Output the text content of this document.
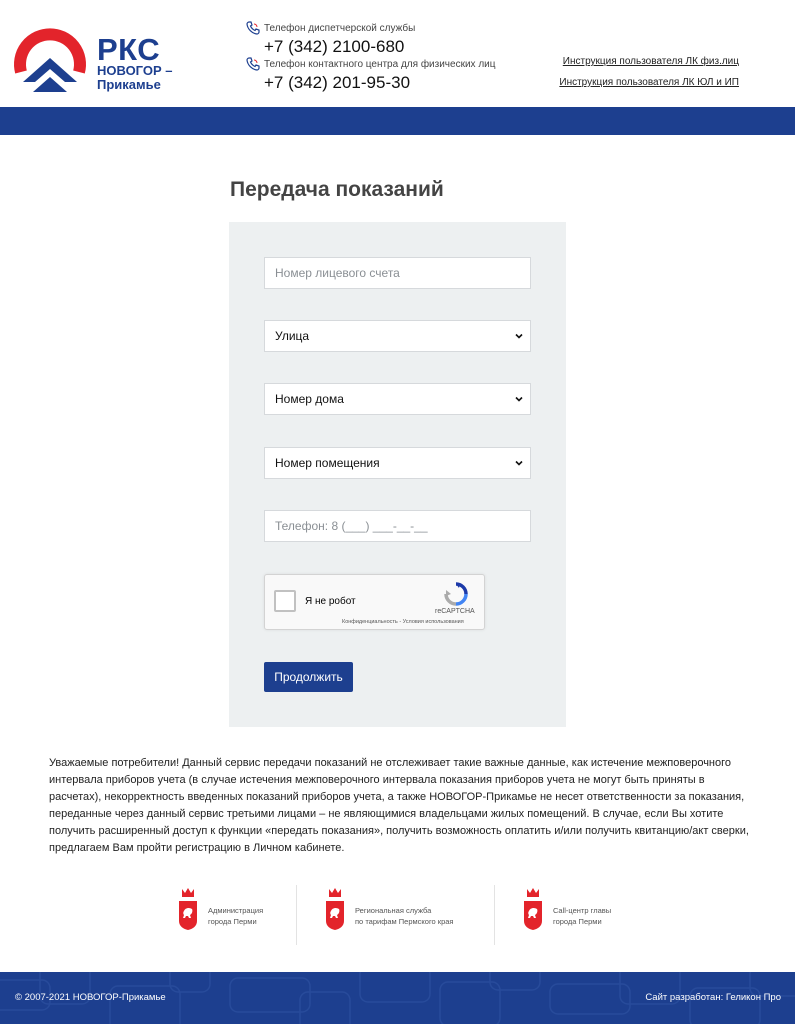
РКС
НОВОГОР –
Прикамье
Телефон диспетчерской службы
+7 (342) 2100-680
Телефон контактного центра для физических лиц
+7 (342) 201-95-30
Инструкция пользователя ЛК физ.лиц
Инструкция пользователя ЛК ЮЛ и ИП
Передача показаний
Номер лицевого счета
Улица
Номер дома
Номер помещения
Телефон: 8 (___) ___-__-__
Я не робот
reCAPTCHA
Конфиденциальность - Условия использования
Продолжить

Уважаемые потребители! Данный сервис передачи показаний не отслеживает такие важные данные, как истечение межповерочного интервала приборов учета (в случае истечения межповерочного интервала показания приборов учета не могут быть приняты в расчетах), некорректность введенных показаний приборов учета, а также НОВОГОР-Прикамье не несет ответственности за показания, переданные через данный сервис третьими лицами – не являющимися владельцами жилых помещений. В случае, если Вы хотите получить расширенный доступ к функции «передать показания», получить возможность оплатить и/или получить квитанцию/акт сверки, предлагаем Вам пройти регистрацию в Личном кабинете.

Администрация
города Перми
Региональная служба
по тарифам Пермского края
Call-центр главы
города Перми
© 2007-2021 НОВОГОР-Прикамье	Сайт разработан: Геликон Про
